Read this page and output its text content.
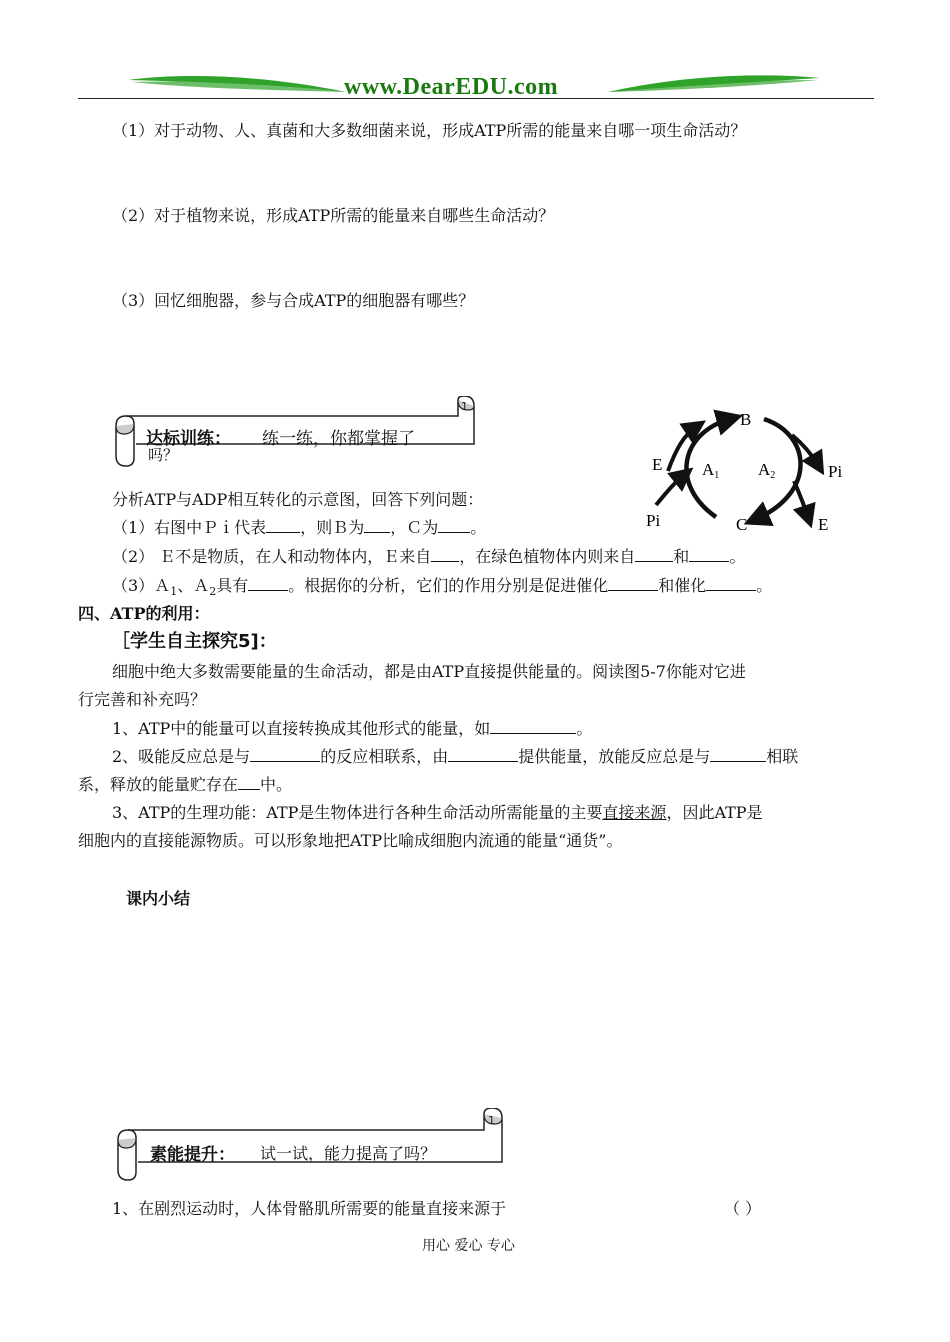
www.DearEDU.com
（1）对于动物、人、真菌和大多数细菌来说，形成ATP所需的能量来自哪一项生命活动？
（2）对于植物来说，形成ATP所需的能量来自哪些生命活动？
（3）回忆细胞器，参与合成ATP的细胞器有哪些？
1
达标训练： 练一练，你都掌握了
吗？
B
E A1 A2	Pi
Pi	C	E
分析ATP与ADP相互转化的示意图，回答下列问题：
（1）右图中Ｐｉ代表 ，则Ｂ为 ，Ｃ为 。
（2） Ｅ不是物质，在人和动物体内，Ｅ来自 ，在绿色植物体内则来自 和	。
（3）Ａ$_1$、Ａ$_2$具有	。根据你的分析，它们的作用分别是促进催化	和催化	。
四、ATP的利用：
［学生自主探究5]：
细胞中绝大多数需要能量的生命活动，都是由ATP直接提供能量的。阅读图5-7你能对它进
行完善和补充吗？
1、ATP中的能量可以直接转换成其他形式的能量，如	。
2、吸能反应总是与	的反应相联系，由	提供能量，放能反应总是与	相联
系，释放的能量贮存在 中。
3、ATP的生理功能：ATP是生物体进行各种生命活动所需能量的主要直接来源，因此ATP是
细胞内的直接能源物质。可以形象地把ATP比喻成细胞内流通的能量“通货”。
课内小结
1
素能提升： 试一试，能力提高了吗？
1、在剧烈运动时，人体骨骼肌所需要的能量直接来源于	（ ）
用心 爱心 专心
